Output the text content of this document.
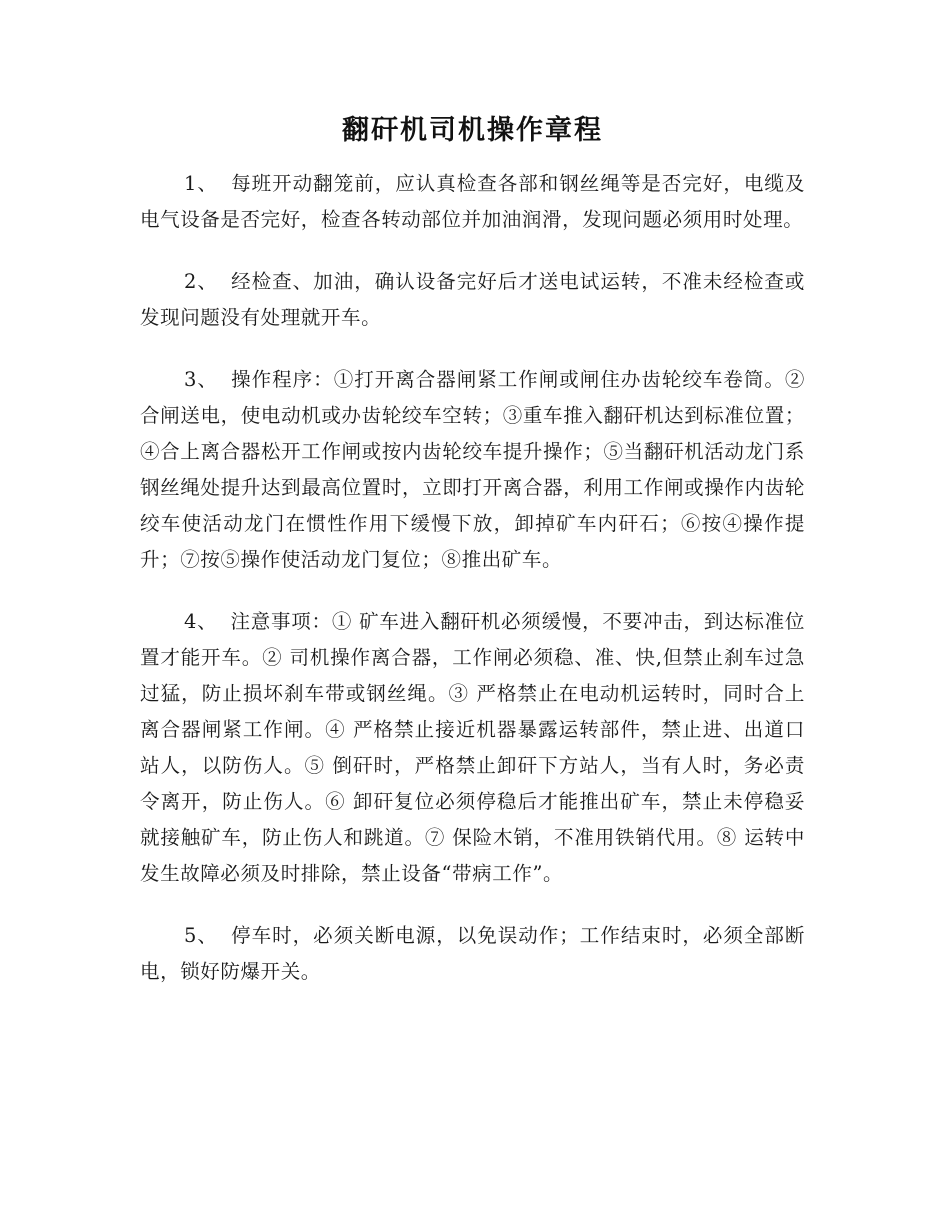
翻矸机司机操作章程

1、 每班开动翻笼前，应认真检查各部和钢丝绳等是否完好，电缆及电气设备是否完好，检查各转动部位并加油润滑，发现问题必须用时处理。

2、 经检查、加油，确认设备完好后才送电试运转，不准未经检查或发现问题没有处理就开车。

3、 操作程序：①打开离合器闸紧工作闸或闸住办齿轮绞车卷筒。②合闸送电，使电动机或办齿轮绞车空转；③重车推入翻矸机达到标准位置；④合上离合器松开工作闸或按内齿轮绞车提升操作；⑤当翻矸机活动龙门系钢丝绳处提升达到最高位置时，立即打开离合器，利用工作闸或操作内齿轮绞车使活动龙门在惯性作用下缓慢下放，卸掉矿车内矸石；⑥按④操作提升；⑦按⑤操作使活动龙门复位；⑧推出矿车。

4、 注意事项：① 矿车进入翻矸机必须缓慢，不要冲击，到达标准位置才能开车。② 司机操作离合器，工作闸必须稳、准、快,但禁止刹车过急过猛，防止损坏刹车带或钢丝绳。③ 严格禁止在电动机运转时，同时合上离合器闸紧工作闸。④ 严格禁止接近机器暴露运转部件，禁止进、出道口站人，以防伤人。⑤ 倒矸时，严格禁止卸矸下方站人，当有人时，务必责令离开，防止伤人。⑥ 卸矸复位必须停稳后才能推出矿车，禁止未停稳妥就接触矿车，防止伤人和跳道。⑦ 保险木销，不准用铁销代用。⑧ 运转中发生故障必须及时排除，禁止设备“带病工作”。

5、 停车时，必须关断电源，以免误动作；工作结束时，必须全部断电，锁好防爆开关。
